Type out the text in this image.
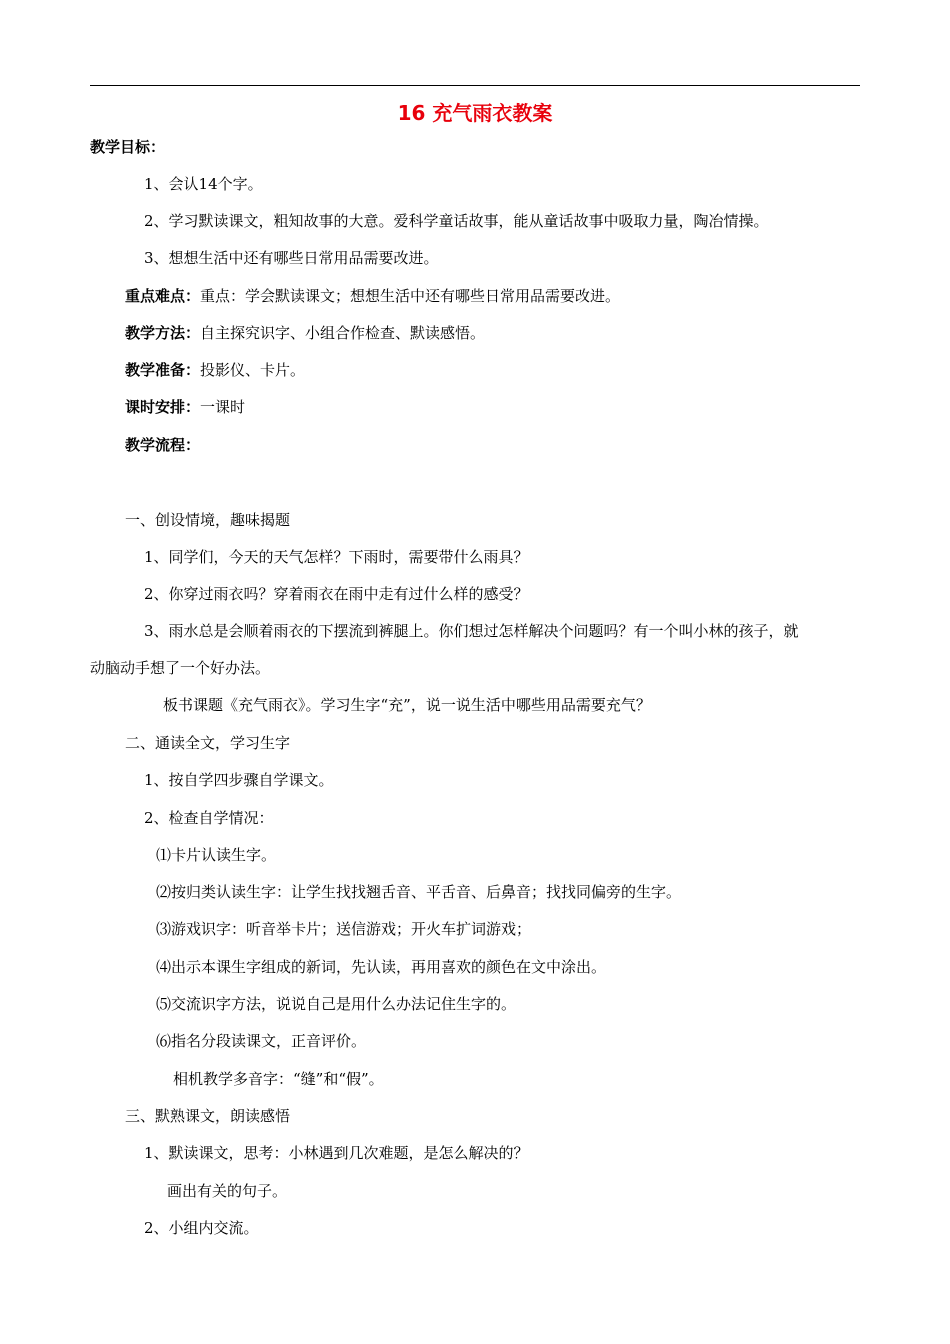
16 充气雨衣教案
教学目标：
1、会认14个字。
2、学习默读课文，粗知故事的大意。爱科学童话故事，能从童话故事中吸取力量，陶冶情操。
3、想想生活中还有哪些日常用品需要改进。
重点难点：重点：学会默读课文；想想生活中还有哪些日常用品需要改进。
教学方法：自主探究识字、小组合作检查、默读感悟。
教学准备：投影仪、卡片。
课时安排：一课时
教学流程：
一、创设情境，趣味揭题
1、同学们，今天的天气怎样？下雨时，需要带什么雨具？
2、你穿过雨衣吗？穿着雨衣在雨中走有过什么样的感受？
3、雨水总是会顺着雨衣的下摆流到裤腿上。你们想过怎样解决个问题吗？有一个叫小林的孩子，就
动脑动手想了一个好办法。
板书课题《充气雨衣》。学习生字“充”，说一说生活中哪些用品需要充气？
二、通读全文，学习生字
1、按自学四步骤自学课文。
2、检查自学情况：
⑴卡片认读生字。
⑵按归类认读生字：让学生找找翘舌音、平舌音、后鼻音；找找同偏旁的生字。
⑶游戏识字：听音举卡片；送信游戏；开火车扩词游戏；
⑷出示本课生字组成的新词，先认读，再用喜欢的颜色在文中涂出。
⑸交流识字方法，说说自己是用什么办法记住生字的。
⑹指名分段读课文，正音评价。
相机教学多音字：“缝”和“假”。
三、默熟课文，朗读感悟
1、默读课文，思考：小林遇到几次难题，是怎么解决的？
画出有关的句子。
2、小组内交流。
